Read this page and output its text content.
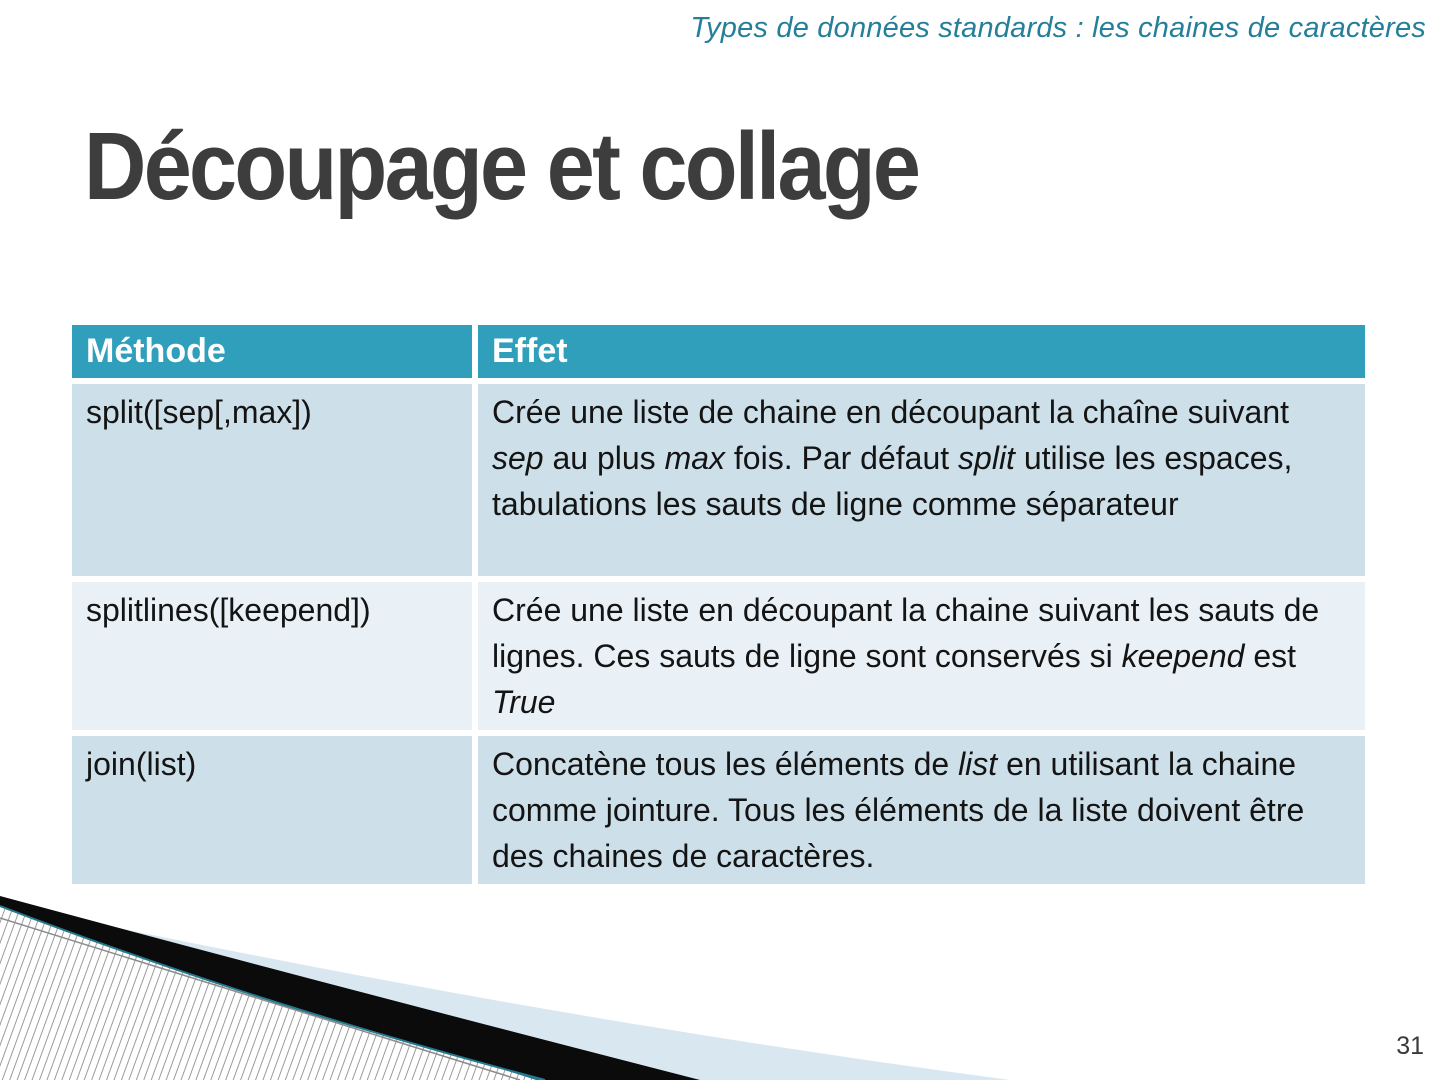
Types de données standards : les chaines de caractères
Découpage et collage
Méthode	Effet
split([sep[,max])	Crée une liste de chaine en découpant la chaîne suivant sep au plus max fois. Par défaut split utilise les espaces, tabulations les sauts de ligne comme séparateur
splitlines([keepend])	Crée une liste en découpant la chaine suivant les sauts de lignes. Ces sauts de ligne sont conservés si keepend est True
join(list)	Concatène tous les éléments de list en utilisant la chaine comme jointure. Tous les éléments de la liste doivent être des chaines de caractères.
31
